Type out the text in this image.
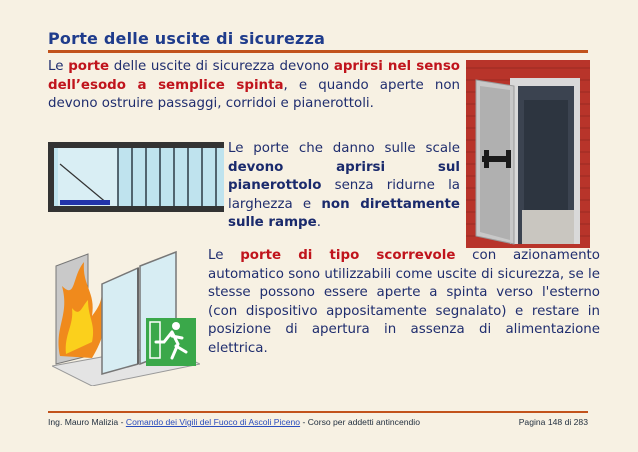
Porte delle uscite di sicurezza

Le porte delle uscite di sicurezza devono aprirsi nel senso dell’esodo a semplice spinta, e quando aperte non devono ostruire passaggi, corridoi e pianerottoli.

Le porte che danno sulle scale devono aprirsi sul pianerottolo senza ridurne la larghezza e non direttamente sulle rampe.

Le porte di tipo scorrevole con azionamento automatico sono utilizzabili come uscite di sicurezza, se le stesse possono essere aperte a spinta verso l'esterno (con dispositivo appositamente segnalato) e restare in posizione di apertura in assenza di alimentazione elettrica.

Ing. Mauro Malizia - Comando dei Vigili del Fuoco di Ascoli Piceno - Corso per addetti antincendio	Pagina 148 di 283
